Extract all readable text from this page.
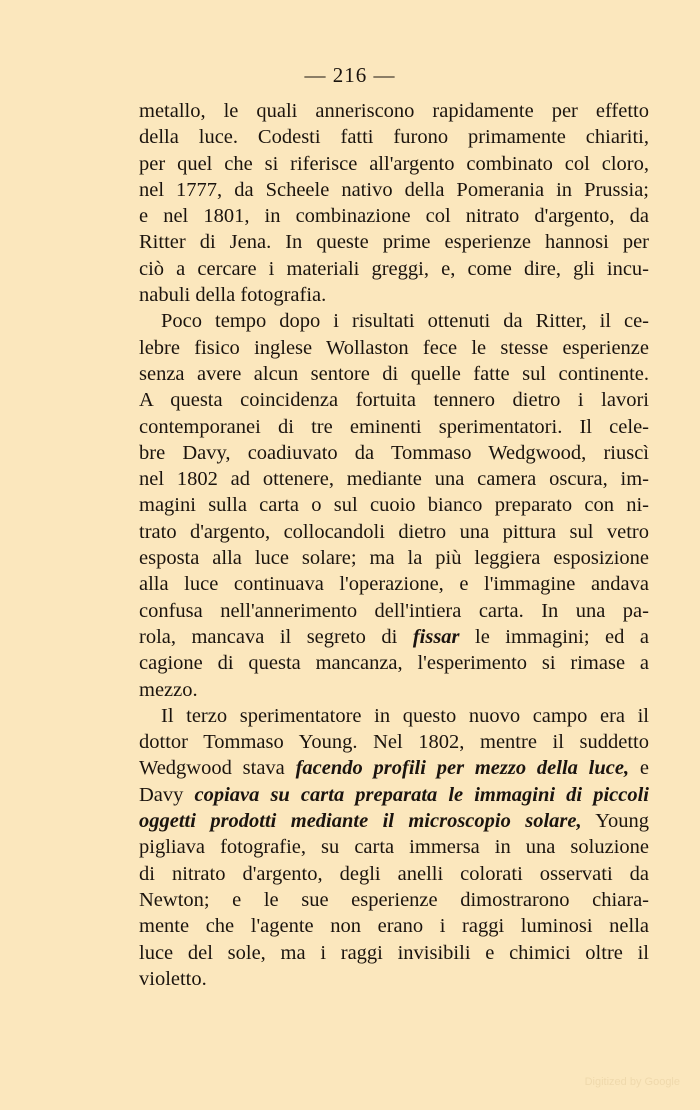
— 216 —
metallo, le quali anneriscono rapidamente per effetto
della luce. Codesti fatti furono primamente chiariti,
per quel che si riferisce all'argento combinato col cloro,
nel 1777, da Scheele nativo della Pomerania in Prussia;
e nel 1801, in combinazione col nitrato d'argento, da
Ritter di Jena. In queste prime esperienze hannosi per
ciò a cercare i materiali greggi, e, come dire, gli incu-
nabuli della fotografia.
Poco tempo dopo i risultati ottenuti da Ritter, il ce-
lebre fisico inglese Wollaston fece le stesse esperienze
senza avere alcun sentore di quelle fatte sul continente.
A questa coincidenza fortuita tennero dietro i lavori
contemporanei di tre eminenti sperimentatori. Il cele-
bre Davy, coadiuvato da Tommaso Wedgwood, riuscì
nel 1802 ad ottenere, mediante una camera oscura, im-
magini sulla carta o sul cuoio bianco preparato con ni-
trato d'argento, collocandoli dietro una pittura sul vetro
esposta alla luce solare; ma la più leggiera esposizione
alla luce continuava l'operazione, e l'immagine andava
confusa nell'annerimento dell'intiera carta. In una pa-
rola, mancava il segreto di fissar le immagini; ed a
cagione di questa mancanza, l'esperimento si rimase a
mezzo.
Il terzo sperimentatore in questo nuovo campo era il
dottor Tommaso Young. Nel 1802, mentre il suddetto
Wedgwood stava facendo profili per mezzo della luce, e
Davy copiava su carta preparata le immagini di piccoli
oggetti prodotti mediante il microscopio solare, Young
pigliava fotografie, su carta immersa in una soluzione
di nitrato d'argento, degli anelli colorati osservati da
Newton; e le sue esperienze dimostrarono chiara-
mente che l'agente non erano i raggi luminosi nella
luce del sole, ma i raggi invisibili e chimici oltre il
violetto.
Digitized by Google
